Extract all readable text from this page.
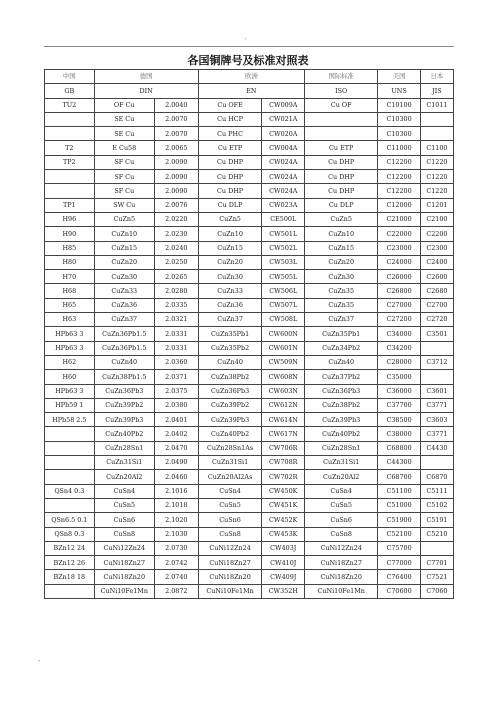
`
各国铜牌号及标准对照表
中国	德国		欧洲		国际标准	美国	日本	
GB	DIN		EN		ISO	UNS	JIS	
TU2	OF Cu	2.0040	Cu OFE	CW009A	Cu OF	C10100	C1011	
	SE Cu	2.0070	Cu HCP	CW021A		C10300		
	SE Cu	2.0070	Cu PHC	CW020A		C10300		
T2	E Cu58	2.0065	Cu ETP	CW004A	Cu ETP	C11000	C1100	
TP2	SF Cu	2.0090	Cu DHP	CW024A	Cu DHP	C12200	C1220	
	SF Cu	2.0090	Cu DHP	CW024A	Cu DHP	C12200	C1220	
	SF Cu	2.0090	Cu DHP	CW024A	Cu DHP	C12200	C1220	
TP1	SW Cu	2.0076	Cu DLP	CW023A	Cu DLP	C12000	C1201	
H96	CuZn5	2.0220	CuZn5	CE500L	CuZn5	C21000	C2100	
H90	CuZn10	2.0230	CuZn10	CW501L	CuZn10	C22000	C2200	
H85	CuZn15	2.0240	CuZn15	CW502L	CuZn15	C23000	C2300	
H80	CuZn20	2.0250	CuZn20	CW503L	CuZn20	C24000	C2400	
H70	CuZn30	2.0265	CuZn30	CW505L	CuZn30	C26000	C2600	
H68	CuZn33	2.0280	CuZn33	CW506L	CuZn35	C26800	C2680	
H65	CuZn36	2.0335	CuZn36	CW507L	CuZn35	C27000	C2700	
H63	CuZn37	2.0321	CuZn37	CW508L	CuZn37	C27200	C2720	
HPb63 3	CuZn36Pb1.5	2.0331	CuZn35Pb1	CW600N	CuZn35Pb1	C34000	C3501	
HPb63 3	CuZn36Pb1.5	2.0331	CuZn35Pb2	CW601N	CuZn34Pb2	C34200		
H62	CuZn40	2.0360	CuZn40	CW509N	CuZn40	C28000	C3712	
H60	CuZn38Pb1.5	2.0371	CuZn38Pb2	CW608N	CuZn37Pb2	C35000		
HPb63 3	CuZn36Pb3	2.0375	CuZn36Pb3	CW603N	CuZn36Pb3	C36000	C3601	
HPb59 1	CuZn39Pb2	2.0380	CuZn39Pb2	CW612N	CuZn38Pb2	C37700	C3771	
HPb58 2.5	CuZn39Pb3	2.0401	CuZn39Pb3	CW614N	CuZn39Pb3	C38500	C3603	
	CuZn40Pb2	2.0402	CuZn40Pb2	CW617N	CuZn40Pb2	C38000	C3771	
	CuZn28Sn1	2.0470	CuZn28Sn1As	CW706R	CuZn28Sn1	C68800	C4430	
	CuZn31Si1	2.0490	CuZn31Si1	CW708R	CuZn31Si1	C44300		
	CuZn20Al2	2.0460	CuZn20Al2As	CW702R	CuZn20Al2	C68700	C6870	
QSn4 0.3	CuSn4	2.1016	CuSn4	CW450K	CuSn4	C51100	C5111	
	CuSn5	2.1018	CuSn5	CW451K	CuSn5	C51000	C5102	
QSn6.5 0.1	CuSn6	2.1020	CuSn6	CW452K	CuSn6	C51900	C5191	
QSn8 0.3	CuSn8	2.1030	CuSn8	CW453K	CuSn8	C52100	C5210	
BZn12 24	CuNi12Zn24	2.0730	CuNi12Zn24	CW403J	CuNi12Zn24	C75700		
BZn12 26	CuNi18Zn27	2.0742	CuNi18Zn27	CW410J	CuNi18Zn27	C77000	C7701	
BZn18 18	CuNi18Zn20	2.0740	CuNi18Zn20	CW409J	CuNi18Zn20	C76400	C7521	
	CuNi10Fe1Mn	2.0872	CuNi10Fe1Mn	CW352H	CuNi10Fe1Mn	C70600	C7060	
-
